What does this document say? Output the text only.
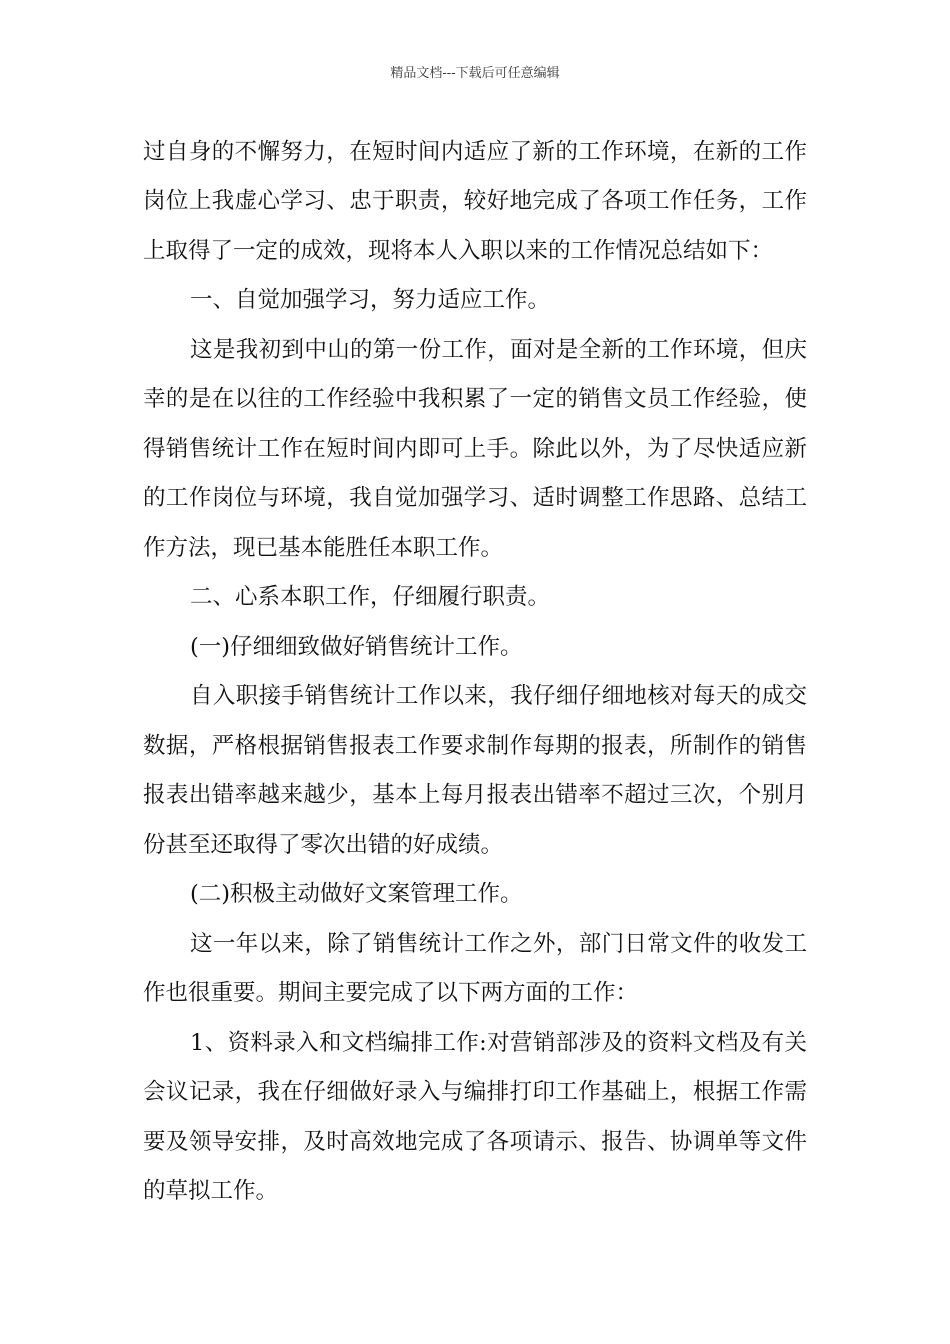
精品文档---下载后可任意编辑
过自身的不懈努力，在短时间内适应了新的工作环境，在新的工作
岗位上我虚心学习、忠于职责，较好地完成了各项工作任务，工作
上取得了一定的成效，现将本人入职以来的工作情况总结如下：
一、自觉加强学习，努力适应工作。
这是我初到中山的第一份工作，面对是全新的工作环境，但庆
幸的是在以往的工作经验中我积累了一定的销售文员工作经验，使
得销售统计工作在短时间内即可上手。除此以外，为了尽快适应新
的工作岗位与环境，我自觉加强学习、适时调整工作思路、总结工
作方法，现已基本能胜任本职工作。
二、心系本职工作，仔细履行职责。
(一)仔细细致做好销售统计工作。
自入职接手销售统计工作以来，我仔细仔细地核对每天的成交
数据，严格根据销售报表工作要求制作每期的报表，所制作的销售
报表出错率越来越少，基本上每月报表出错率不超过三次，个别月
份甚至还取得了零次出错的好成绩。
(二)积极主动做好文案管理工作。
这一年以来，除了销售统计工作之外，部门日常文件的收发工
作也很重要。期间主要完成了以下两方面的工作：
1、资料录入和文档编排工作:对营销部涉及的资料文档及有关
会议记录，我在仔细做好录入与编排打印工作基础上，根据工作需
要及领导安排，及时高效地完成了各项请示、报告、协调单等文件
的草拟工作。
